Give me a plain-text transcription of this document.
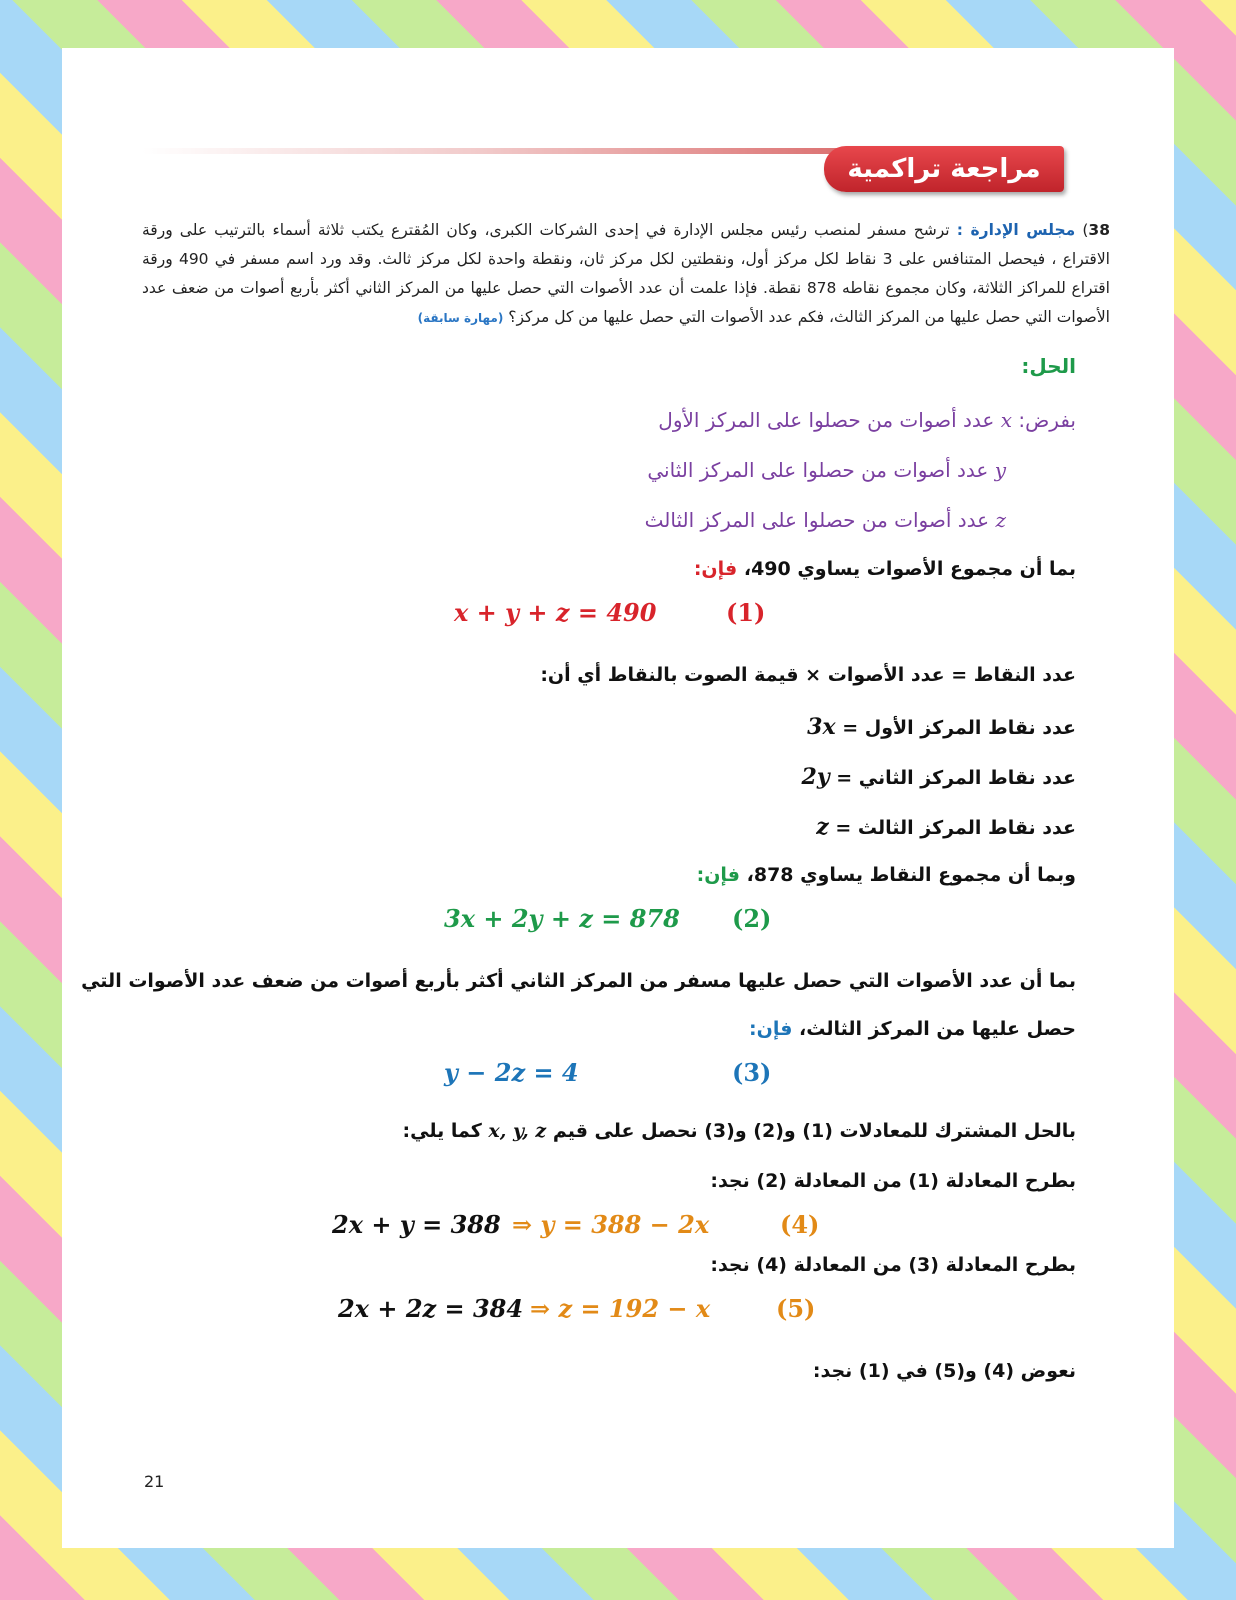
مراجعة تراكمية
38) مجلس الإدارة : ترشح مسفر لمنصب رئيس مجلس الإدارة في إحدى الشركات الكبرى، وكان المُقترع يكتب ثلاثة أسماء بالترتيب على ورقة الاقتراع ، فيحصل المتنافس على 3 نقاط لكل مركز أول، ونقطتين لكل مركز ثان، ونقطة واحدة لكل مركز ثالث. وقد ورد اسم مسفر في 490 ورقة اقتراع للمراكز الثلاثة، وكان مجموع نقاطه 878 نقطة. فإذا علمت أن عدد الأصوات التي حصل عليها من المركز الثاني أكثر بأربع أصوات من ضعف عدد الأصوات التي حصل عليها من المركز الثالث، فكم عدد الأصوات التي حصل عليها من كل مركز؟ (مهارة سابقة)
الحل:
بفرض: x عدد أصوات من حصلوا على المركز الأول
y عدد أصوات من حصلوا على المركز الثاني
z عدد أصوات من حصلوا على المركز الثالث
بما أن مجموع الأصوات يساوي 490، فإن:
x + y + z = 490	(1)
عدد النقاط = عدد الأصوات × قيمة الصوت بالنقاط أي أن:
عدد نقاط المركز الأول = 3x
عدد نقاط المركز الثاني = 2y
عدد نقاط المركز الثالث = z
وبما أن مجموع النقاط يساوي 878، فإن:
3x + 2y + z = 878 (2)
بما أن عدد الأصوات التي حصل عليها مسفر من المركز الثاني أكثر بأربع أصوات من ضعف عدد الأصوات التي
حصل عليها من المركز الثالث، فإن:
y − 2z = 4	(3)
بالحل المشترك للمعادلات (1) و(2) و(3) نحصل على قيم x, y, z كما يلي:
بطرح المعادلة (1) من المعادلة (2) نجد:
2x + y = 388 ⇒ y = 388 − 2x	(4)
بطرح المعادلة (3) من المعادلة (4) نجد:
2x + 2z = 384 ⇒ z = 192 − x	(5)
نعوض (4) و(5) في (1) نجد:
21
